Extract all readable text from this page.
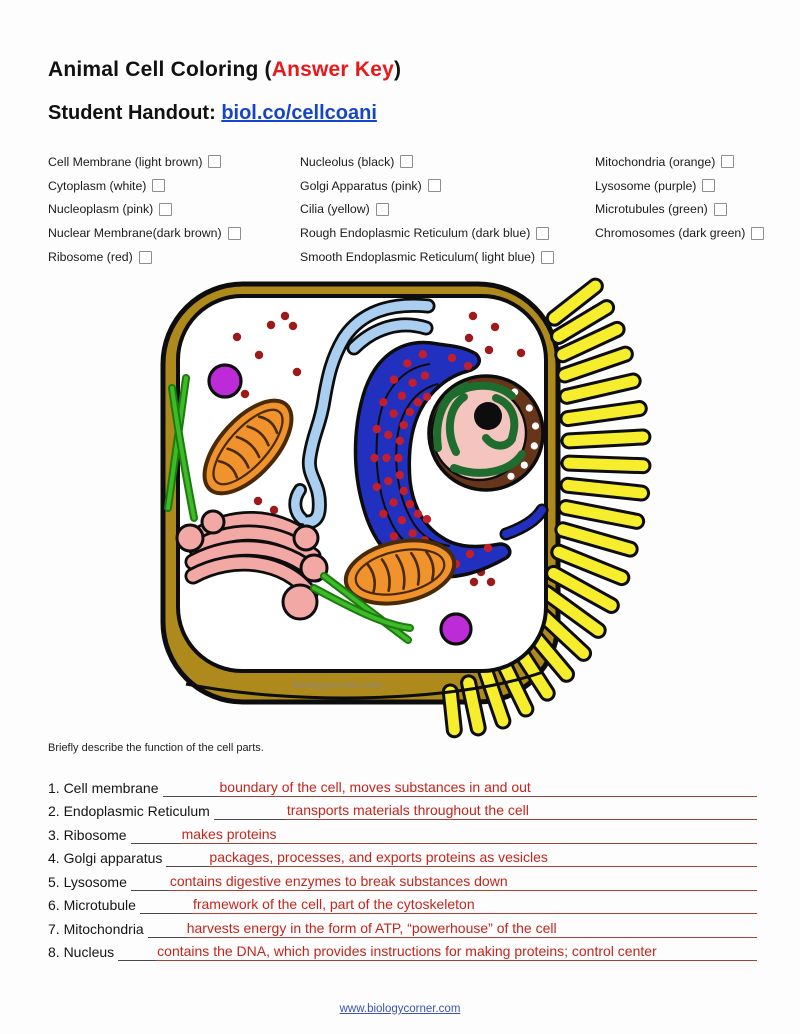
Animal Cell Coloring (Answer Key)
Student Handout: biol.co/cellcoani
Cell Membrane (light brown)
Cytoplasm (white)
Nucleoplasm (pink)
Nuclear Membrane(dark brown)
Ribosome (red)
Nucleolus (black)
Golgi Apparatus (pink)
Cilia (yellow)
Rough Endoplasmic Reticulum (dark blue)
Smooth Endoplasmic Reticulum( light blue)
Mitochondria (orange)
Lysosome (purple)
Microtubules (green)
Chromosomes (dark green)
biologycorner.com
Briefly describe the function of the cell parts.
1. Cell membrane	boundary of the cell, moves substances in and out
2. Endoplasmic Reticulum	transports materials throughout the cell
3. Ribosome	makes proteins
4. Golgi apparatus	packages, processes, and exports proteins as vesicles
5. Lysosome	contains digestive enzymes to break substances down
6. Microtubule	framework of the cell, part of the cytoskeleton
7. Mitochondria	harvests energy in the form of ATP, “powerhouse” of the cell
8. Nucleus	contains the DNA, which provides instructions for making proteins; control center
www.biologycorner.com
